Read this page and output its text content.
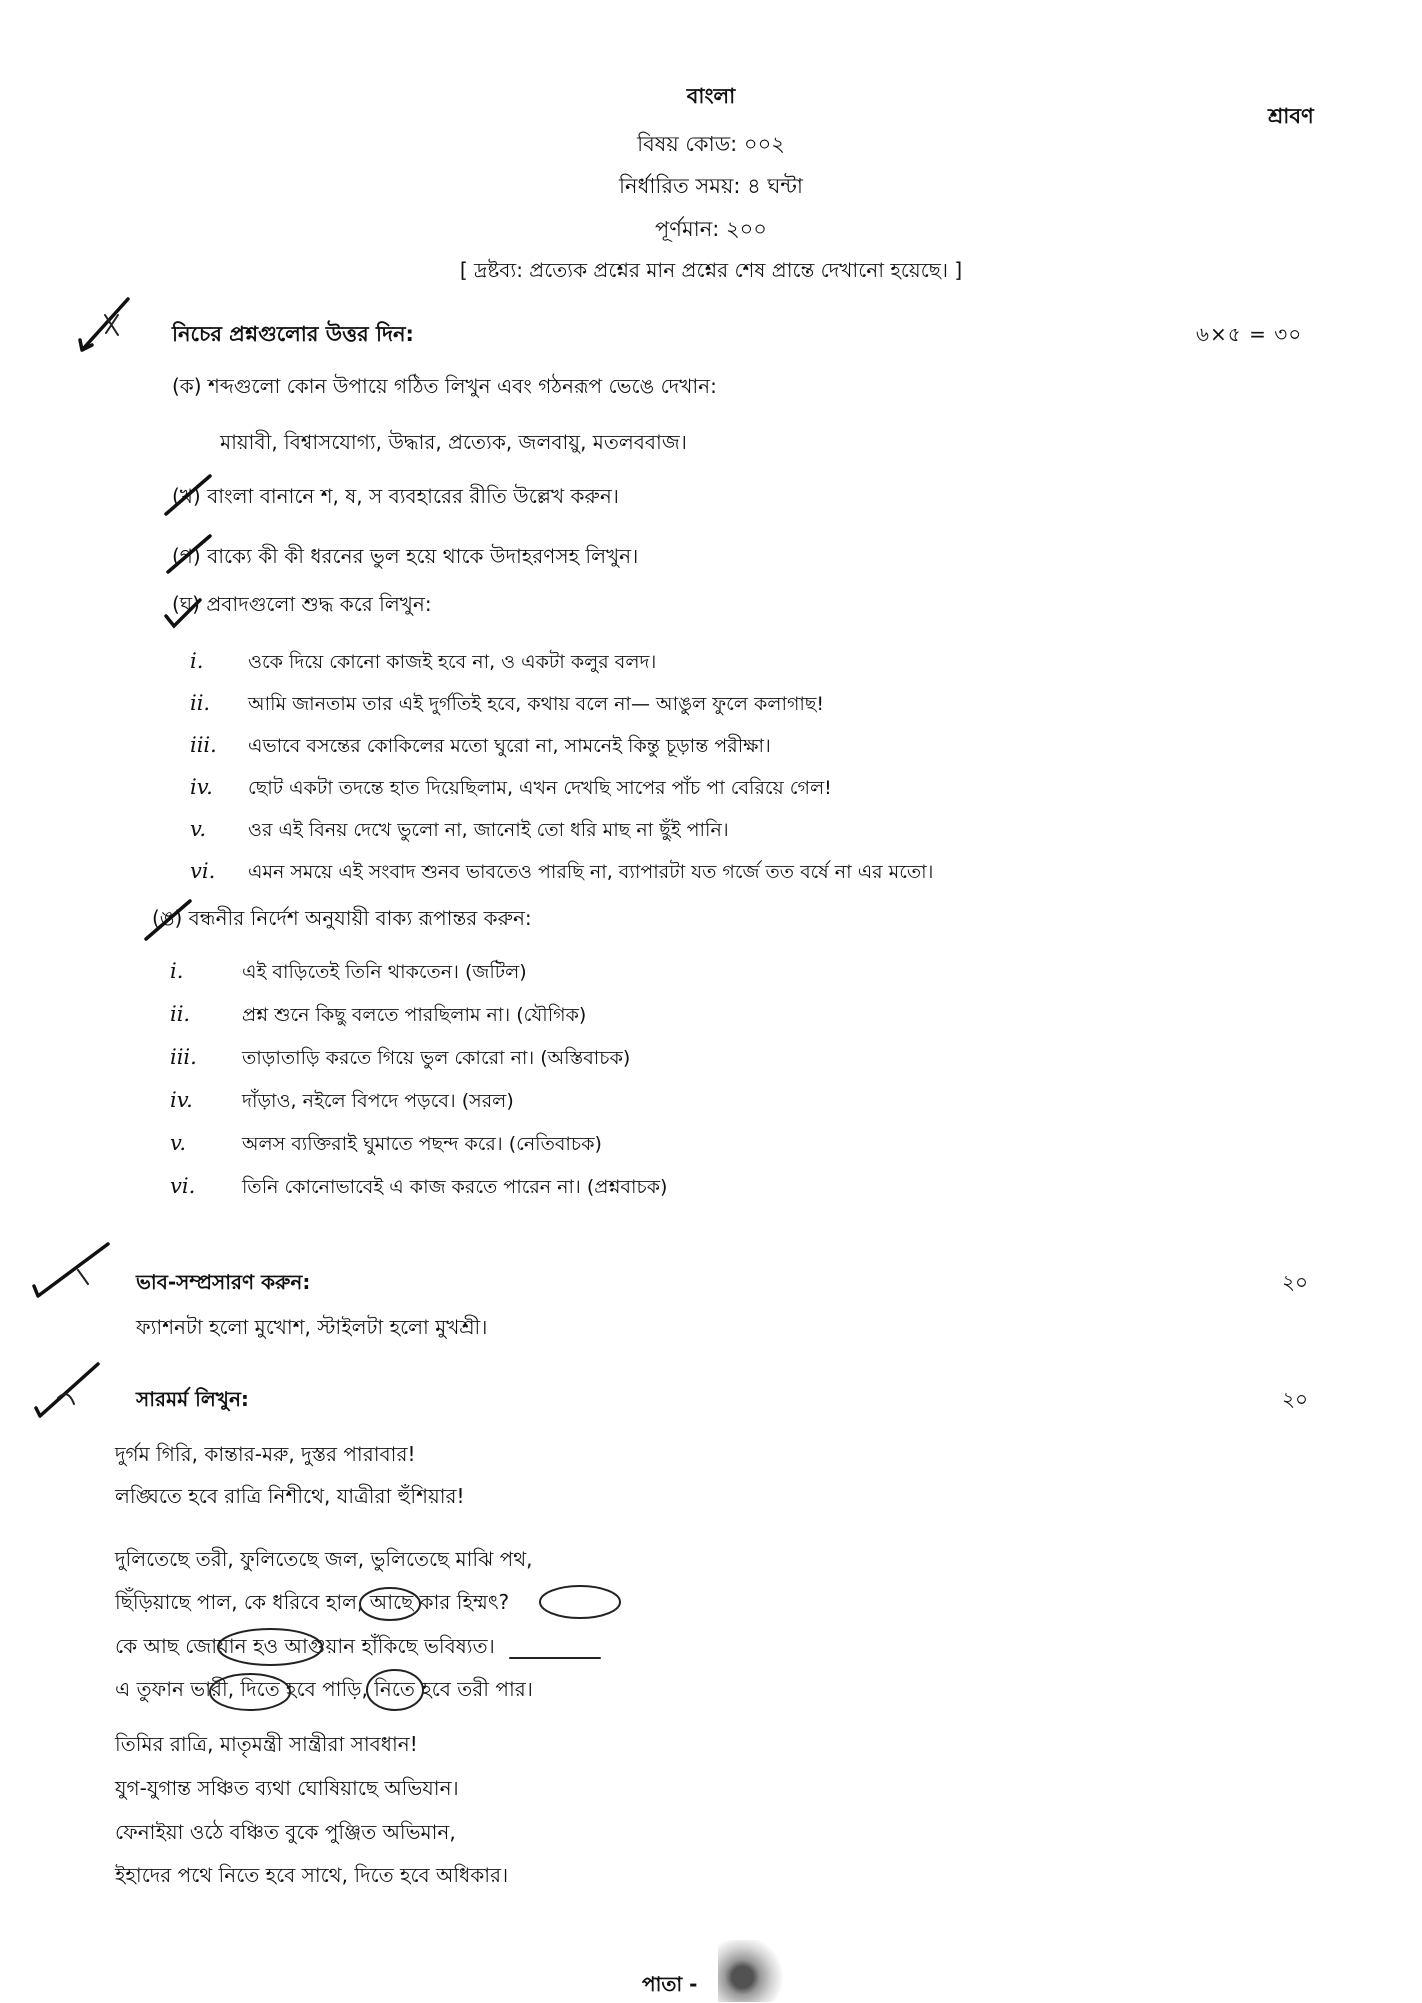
বাংলা
শ্রাবণ
বিষয় কোড: ০০২
নির্ধারিত সময়: ৪ ঘন্টা
পূর্ণমান: ২০০
[ দ্রষ্টব্য: প্রত্যেক প্রশ্নের মান প্রশ্নের শেষ প্রান্তে দেখানো হয়েছে। ]
নিচের প্রশ্নগুলোর উত্তর দিন:	৬×৫ = ৩০
(ক) শব্দগুলো কোন উপায়ে গঠিত লিখুন এবং গঠনরূপ ভেঙে দেখান:
মায়াবী, বিশ্বাসযোগ্য, উদ্ধার, প্রত্যেক, জলবায়ু, মতলববাজ।
(খ) বাংলা বানানে শ, ষ, স ব্যবহারের রীতি উল্লেখ করুন।
(গ) বাক্যে কী কী ধরনের ভুল হয়ে থাকে উদাহরণসহ লিখুন।
(ঘ) প্রবাদগুলো শুদ্ধ করে লিখুন:
i. ওকে দিয়ে কোনো কাজই হবে না, ও একটা কলুর বলদ।
ii. আমি জানতাম তার এই দুর্গতিই হবে, কথায় বলে না— আঙুল ফুলে কলাগাছ!
iii. এভাবে বসন্তের কোকিলের মতো ঘুরো না, সামনেই কিন্তু চূড়ান্ত পরীক্ষা।
iv. ছোট একটা তদন্তে হাত দিয়েছিলাম, এখন দেখছি সাপের পাঁচ পা বেরিয়ে গেল!
v. ওর এই বিনয় দেখে ভুলো না, জানোই তো ধরি মাছ না ছুঁই পানি।
vi. এমন সময়ে এই সংবাদ শুনব ভাবতেও পারছি না, ব্যাপারটা যত গর্জে তত বর্ষে না এর মতো।
(ঙ) বন্ধনীর নির্দেশ অনুযায়ী বাক্য রূপান্তর করুন:
i.	এই বাড়িতেই তিনি থাকতেন। (জটিল)
ii.	প্রশ্ন শুনে কিছু বলতে পারছিলাম না। (যৌগিক)
iii. তাড়াতাড়ি করতে গিয়ে ভুল কোরো না। (অস্তিবাচক)
iv.	দাঁড়াও, নইলে বিপদে পড়বে। (সরল)
v.	অলস ব্যক্তিরাই ঘুমাতে পছন্দ করে। (নেতিবাচক)
vi. তিনি কোনোভাবেই এ কাজ করতে পারেন না। (প্রশ্নবাচক)
ভাব-সম্প্রসারণ করুন:	২০
ফ্যাশনটা হলো মুখোশ, স্টাইলটা হলো মুখশ্রী।
সারমর্ম লিখুন:	২০
দুর্গম গিরি, কান্তার-মরু, দুস্তর পারাবার!
লঙ্ঘিতে হবে রাত্রি নিশীথে, যাত্রীরা হুঁশিয়ার!
দুলিতেছে তরী, ফুলিতেছে জল, ভুলিতেছে মাঝি পথ,
ছিঁড়িয়াছে পাল, কে ধরিবে হাল, আছে কার হিম্মৎ?
কে আছ জোয়ান হও আগুয়ান হাঁকিছে ভবিষ্যত।
এ তুফান ভারী, দিতে হবে পাড়ি, নিতে হবে তরী পার।
তিমির রাত্রি, মাতৃমন্ত্রী সান্ত্রীরা সাবধান!
যুগ-যুগান্ত সঞ্চিত ব্যথা ঘোষিয়াছে অভিযান।
ফেনাইয়া ওঠে বঞ্চিত বুকে পুঞ্জিত অভিমান,
ইহাদের পথে নিতে হবে সাথে, দিতে হবে অধিকার।
পাতা -
